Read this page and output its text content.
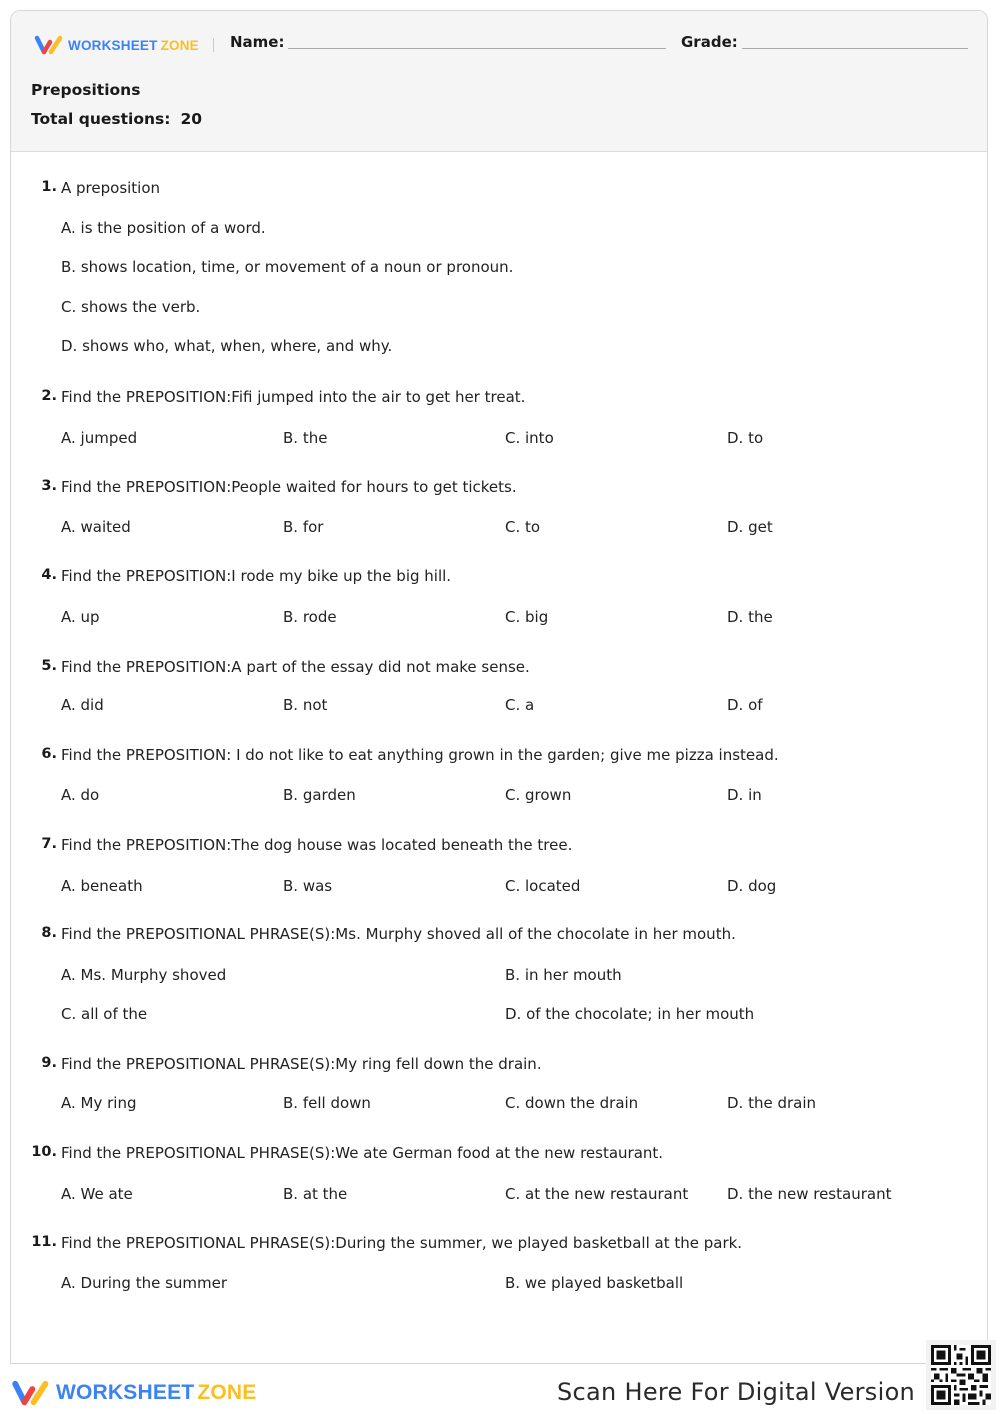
WORKSHEET ZONE Name:	Grade:
Prepositions
Total questions: 20
1. A preposition
A. is the position of a word.
B. shows location, time, or movement of a noun or pronoun.
C. shows the verb.
D. shows who, what, when, where, and why.
2. Find the PREPOSITION:Fifi jumped into the air to get her treat.
A. jumped	B. the	C. into	D. to
3. Find the PREPOSITION:People waited for hours to get tickets.
A. waited	B. for	C. to	D. get
4. Find the PREPOSITION:I rode my bike up the big hill.
A. up	B. rode	C. big	D. the
5. Find the PREPOSITION:A part of the essay did not make sense.
A. did	B. not	C. a	D. of
6. Find the PREPOSITION: I do not like to eat anything grown in the garden; give me pizza instead.
A. do	B. garden	C. grown	D. in
7. Find the PREPOSITION:The dog house was located beneath the tree.
A. beneath	B. was	C. located	D. dog
8. Find the PREPOSITIONAL PHRASE(S):Ms. Murphy shoved all of the chocolate in her mouth.
A. Ms. Murphy shoved	B. in her mouth
C. all of the	D. of the chocolate; in her mouth
9. Find the PREPOSITIONAL PHRASE(S):My ring fell down the drain.
A. My ring	B. fell down	C. down the drain	D. the drain
10. Find the PREPOSITIONAL PHRASE(S):We ate German food at the new restaurant.
A. We ate	B. at the	C. at the new restaurant	D. the new restaurant
11. Find the PREPOSITIONAL PHRASE(S):During the summer, we played basketball at the park.
A. During the summer	B. we played basketball
WORKSHEET ZONE	Scan Here For Digital Version
